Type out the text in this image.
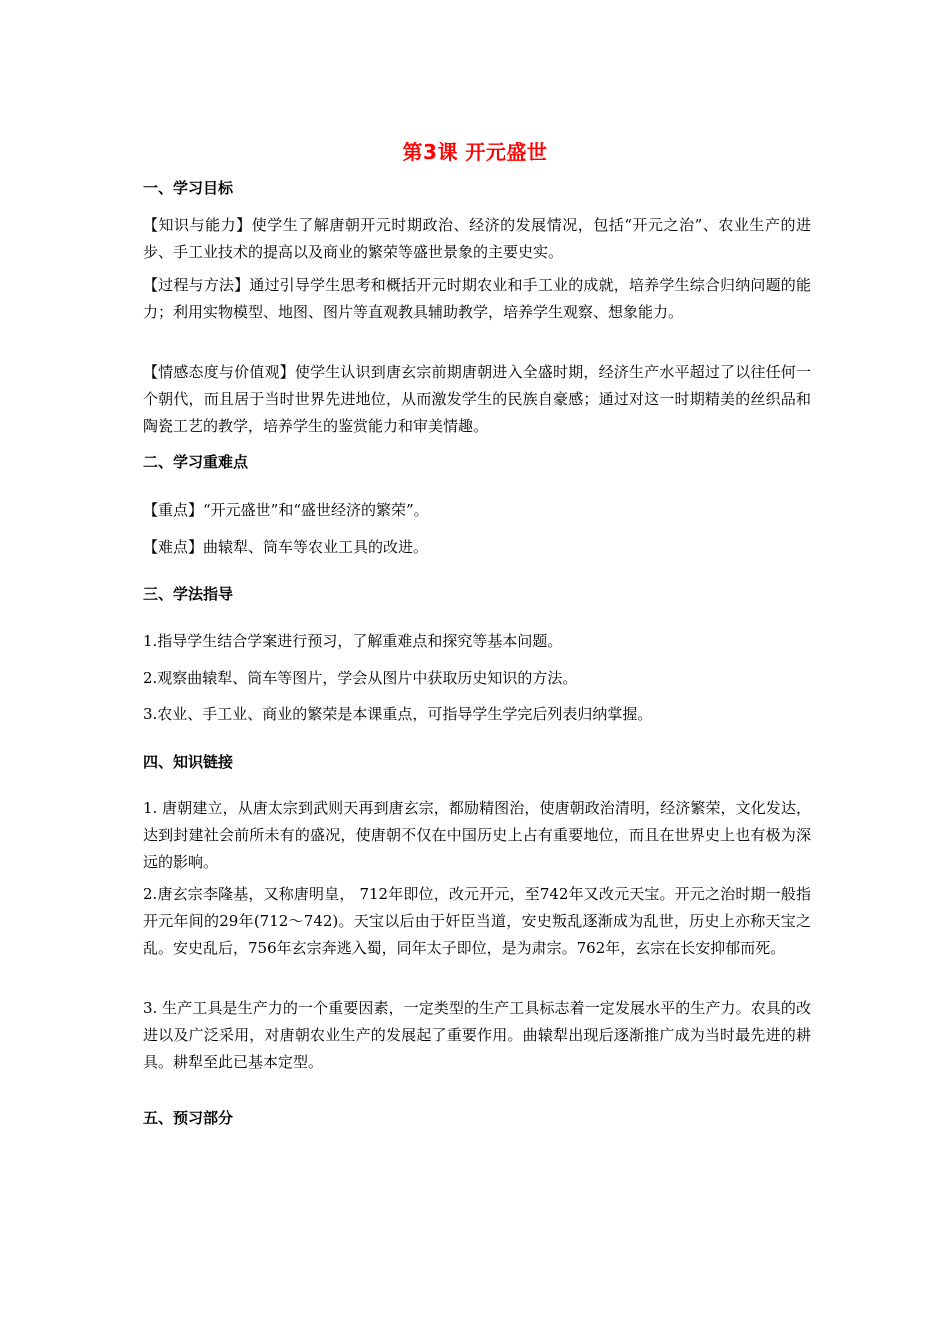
第3课 开元盛世
一、学习目标
【知识与能力】使学生了解唐朝开元时期政治、经济的发展情况，包括“开元之治”、农业生产的进步、手工业技术的提高以及商业的繁荣等盛世景象的主要史实。
【过程与方法】通过引导学生思考和概括开元时期农业和手工业的成就，培养学生综合归纳问题的能力；利用实物模型、地图、图片等直观教具辅助教学，培养学生观察、想象能力。
【情感态度与价值观】使学生认识到唐玄宗前期唐朝进入全盛时期，经济生产水平超过了以往任何一个朝代，而且居于当时世界先进地位，从而激发学生的民族自豪感；通过对这一时期精美的丝织品和陶瓷工艺的教学，培养学生的鉴赏能力和审美情趣。
二、学习重难点
【重点】“开元盛世”和“盛世经济的繁荣”。
【难点】曲辕犁、筒车等农业工具的改进。
三、学法指导
1.指导学生结合学案进行预习，了解重难点和探究等基本问题。
2.观察曲辕犁、筒车等图片，学会从图片中获取历史知识的方法。
3.农业、手工业、商业的繁荣是本课重点，可指导学生学完后列表归纳掌握。
四、知识链接
1. 唐朝建立，从唐太宗到武则天再到唐玄宗，都励精图治，使唐朝政治清明，经济繁荣，文化发达，达到封建社会前所未有的盛况，使唐朝不仅在中国历史上占有重要地位，而且在世界史上也有极为深远的影响。
2.唐玄宗李隆基，又称唐明皇， 712年即位，改元开元，至742年又改元天宝。开元之治时期一般指开元年间的29年(712～742)。天宝以后由于奸臣当道，安史叛乱逐渐成为乱世，历史上亦称天宝之乱。安史乱后，756年玄宗奔逃入蜀，同年太子即位，是为肃宗。762年，玄宗在长安抑郁而死。
3. 生产工具是生产力的一个重要因素，一定类型的生产工具标志着一定发展水平的生产力。农具的改进以及广泛采用，对唐朝农业生产的发展起了重要作用。曲辕犁出现后逐渐推广成为当时最先进的耕具。耕犁至此已基本定型。
五、预习部分
